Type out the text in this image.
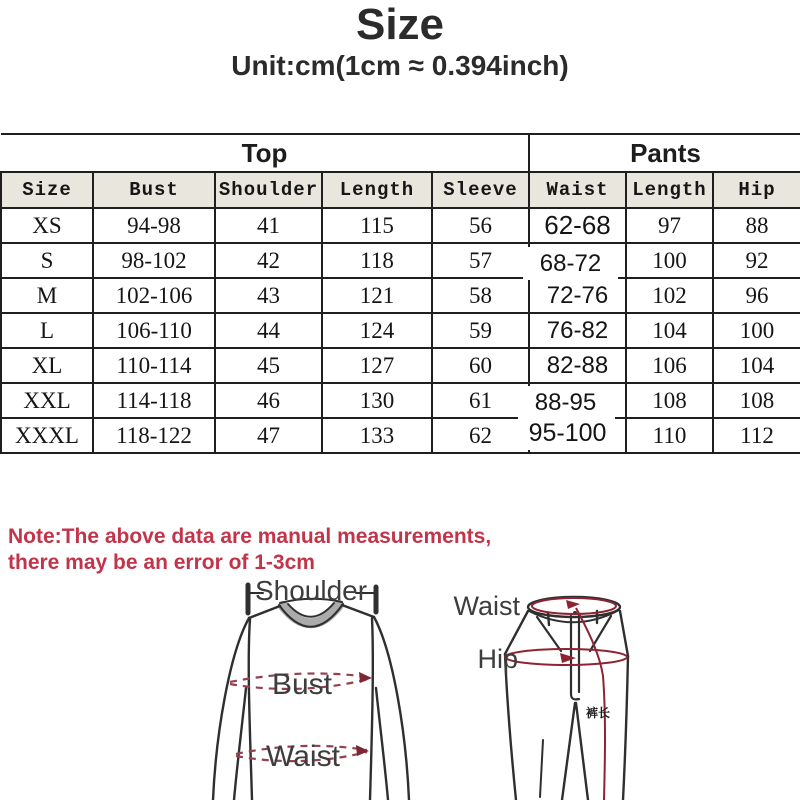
Size
Unit:cm(1cm ≈ 0.394inch)
Top					Pants		
Size	Bust	Shoulder	Length	Sleeve	Waist	Length	Hip
XS	94-98	41	115	56	62-68	97	88
S	98-102	42	118	57	68-72	100	92
M	102-106	43	121	58	72-76	102	96
L	106-110	44	124	59	76-82	104	100
XL	110-114	45	127	60	82-88	106	104
XXL	114-118	46	130	61	88-95	108	108
XXXL	118-122	47	133	62	95-100	110	112
Note:The above data are manual measurements,
there may be an error of 1-3cm
Shoulder
Bust
Waist
Waist
Hip
裤长
